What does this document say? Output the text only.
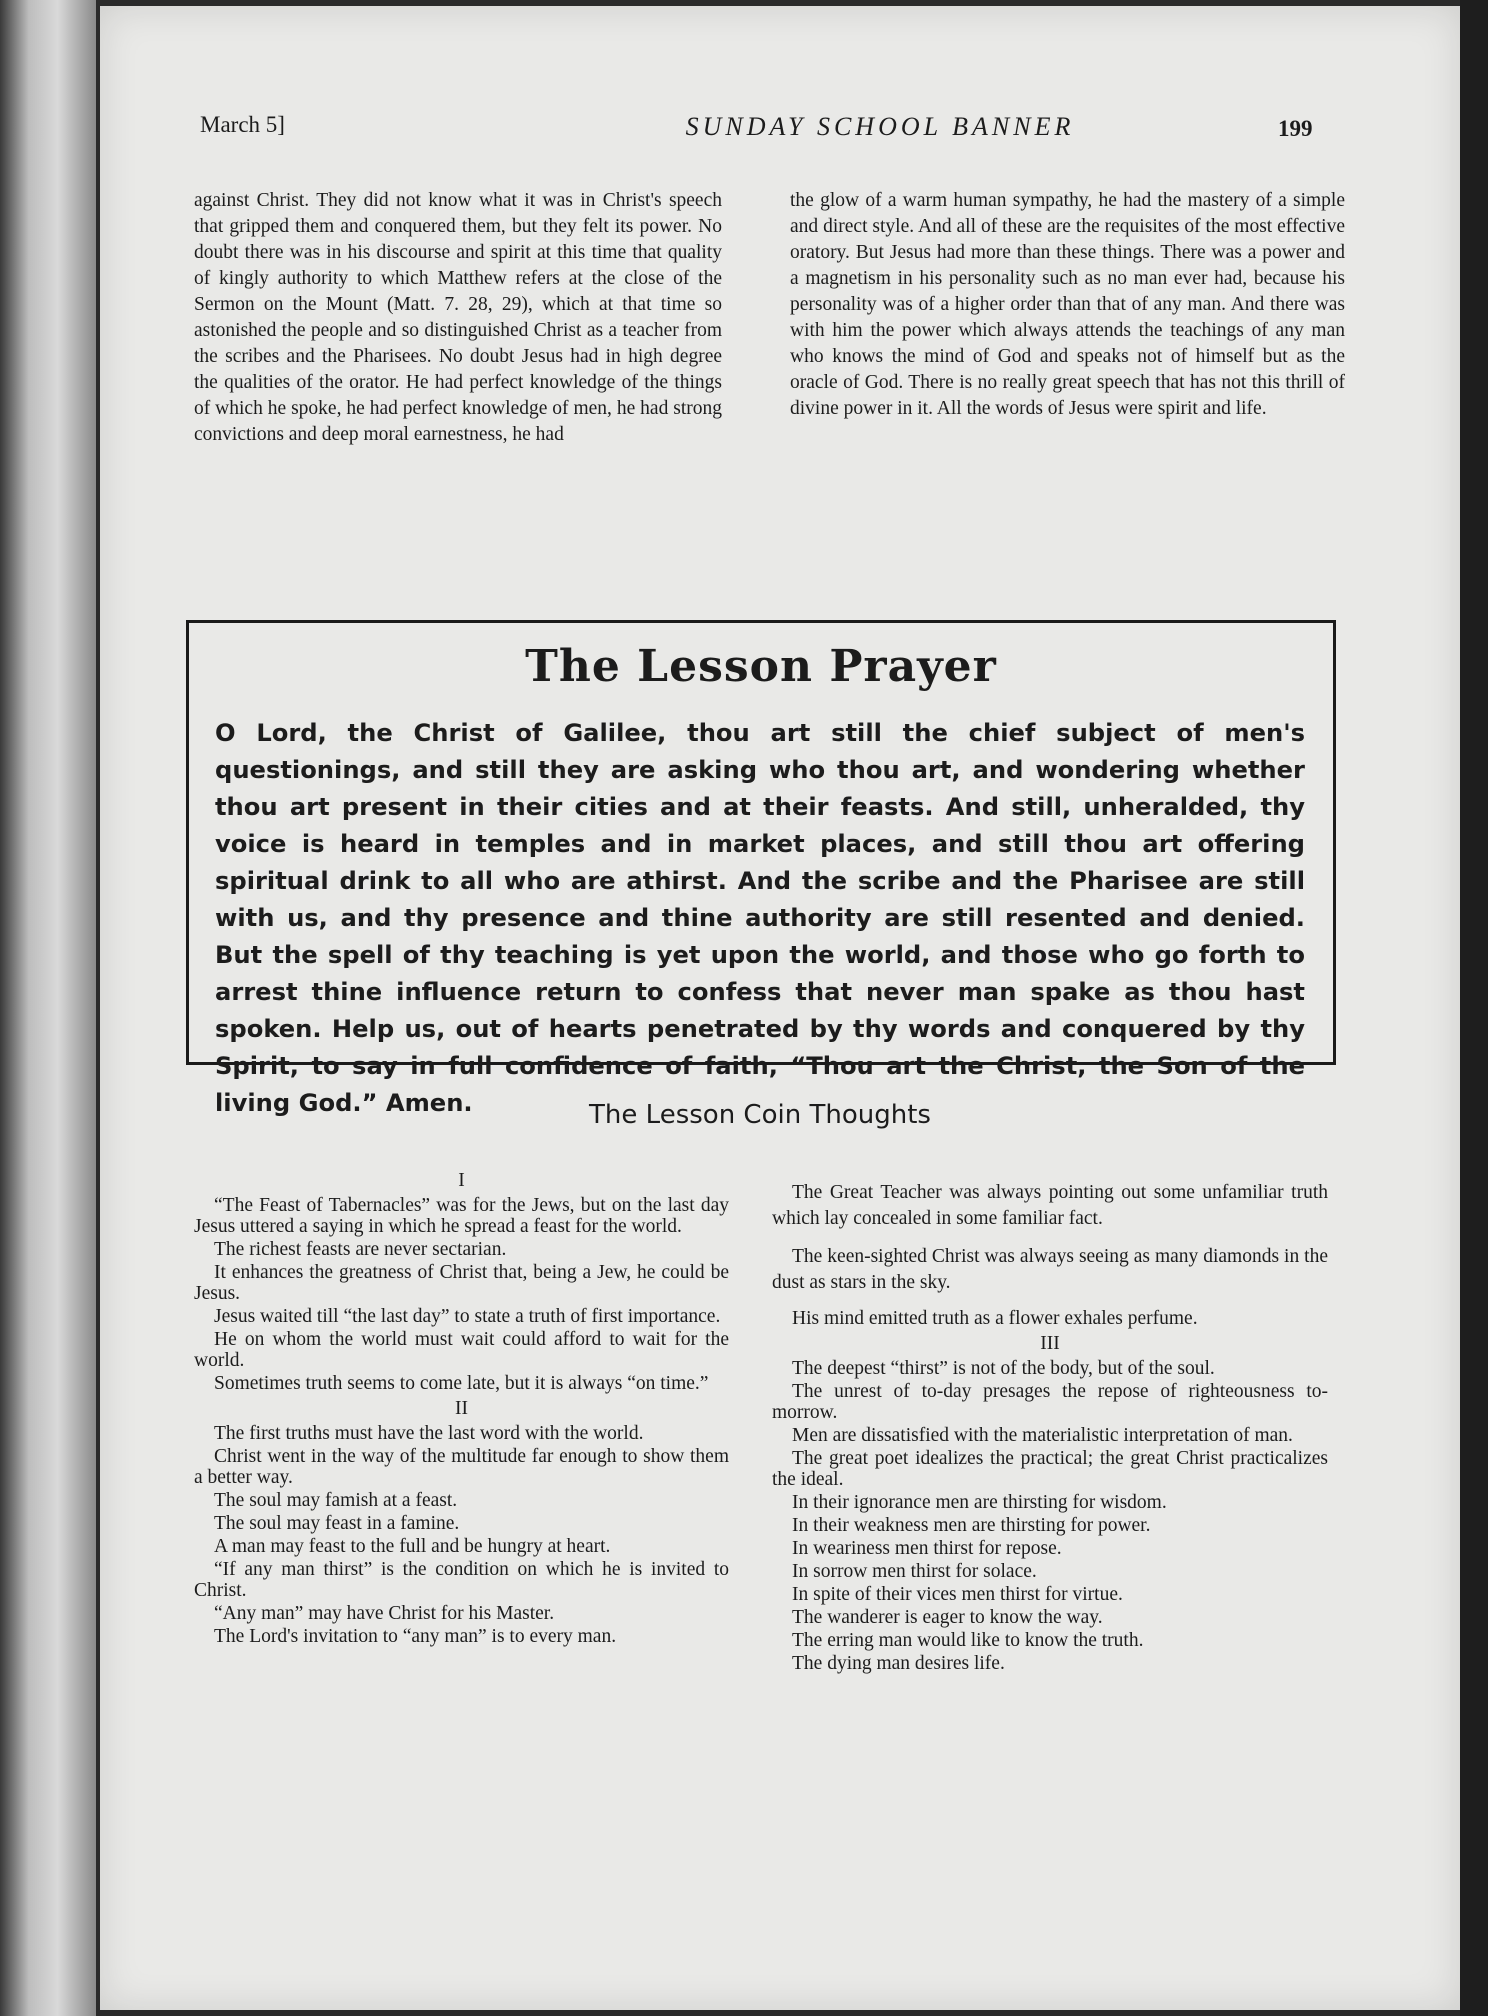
March 5]	SUNDAY SCHOOL BANNER	199

against Christ. They did not know what it was in Christ's speech that gripped them and conquered them, but they felt its power. No doubt there was in his discourse and spirit at this time that quality of kingly authority to which Matthew refers at the close of the Sermon on the Mount (Matt. 7. 28, 29), which at that time so astonished the people and so distinguished Christ as a teacher from the scribes and the Pharisees. No doubt Jesus had in high degree the qualities of the orator. He had perfect knowledge of the things of which he spoke, he had perfect knowledge of men, he had strong convictions and deep moral earnestness, he had

the glow of a warm human sympathy, he had the mastery of a simple and direct style. And all of these are the requisites of the most effective oratory. But Jesus had more than these things. There was a power and a magnetism in his personality such as no man ever had, because his personality was of a higher order than that of any man. And there was with him the power which always attends the teachings of any man who knows the mind of God and speaks not of himself but as the oracle of God. There is no really great speech that has not this thrill of divine power in it. All the words of Jesus were spirit and life.

The Lesson Prayer
O Lord, the Christ of Galilee, thou art still the chief subject of men's questionings, and still they are asking who thou art, and wondering whether thou art present in their cities and at their feasts. And still, unheralded, thy voice is heard in temples and in market places, and still thou art offering spiritual drink to all who are athirst. And the scribe and the Pharisee are still with us, and thy presence and thine authority are still resented and denied. But the spell of thy teaching is yet upon the world, and those who go forth to arrest thine influence return to confess that never man spake as thou hast spoken. Help us, out of hearts penetrated by thy words and conquered by thy Spirit, to say in full confidence of faith, “Thou art the Christ, the Son of the living God.” Amen.	The Lesson Coin Thoughts

I

“The Feast of Tabernacles” was for the Jews, but on the last day Jesus uttered a saying in which he spread a feast for the world.

The richest feasts are never sectarian.

It enhances the greatness of Christ that, being a Jew, he could be Jesus.

Jesus waited till “the last day” to state a truth of first importance.

He on whom the world must wait could afford to wait for the world.

Sometimes truth seems to come late, but it is always “on time.”

II

The first truths must have the last word with the world.

Christ went in the way of the multitude far enough to show them a better way.

The soul may famish at a feast.

The soul may feast in a famine.

A man may feast to the full and be hungry at heart.

“If any man thirst” is the condition on which he is invited to Christ.

“Any man” may have Christ for his Master.

The Lord's invitation to “any man” is to every man.

The Great Teacher was always pointing out some unfamiliar truth which lay concealed in some familiar fact.

The keen-sighted Christ was always seeing as many diamonds in the dust as stars in the sky.

His mind emitted truth as a flower exhales perfume.

III

The deepest “thirst” is not of the body, but of the soul.

The unrest of to-day presages the repose of righteousness to-morrow.

Men are dissatisfied with the materialistic interpretation of man.

The great poet idealizes the practical; the great Christ practicalizes the ideal.

In their ignorance men are thirsting for wisdom.

In their weakness men are thirsting for power.

In weariness men thirst for repose.

In sorrow men thirst for solace.

In spite of their vices men thirst for virtue.

The wanderer is eager to know the way.

The erring man would like to know the truth.

The dying man desires life.
